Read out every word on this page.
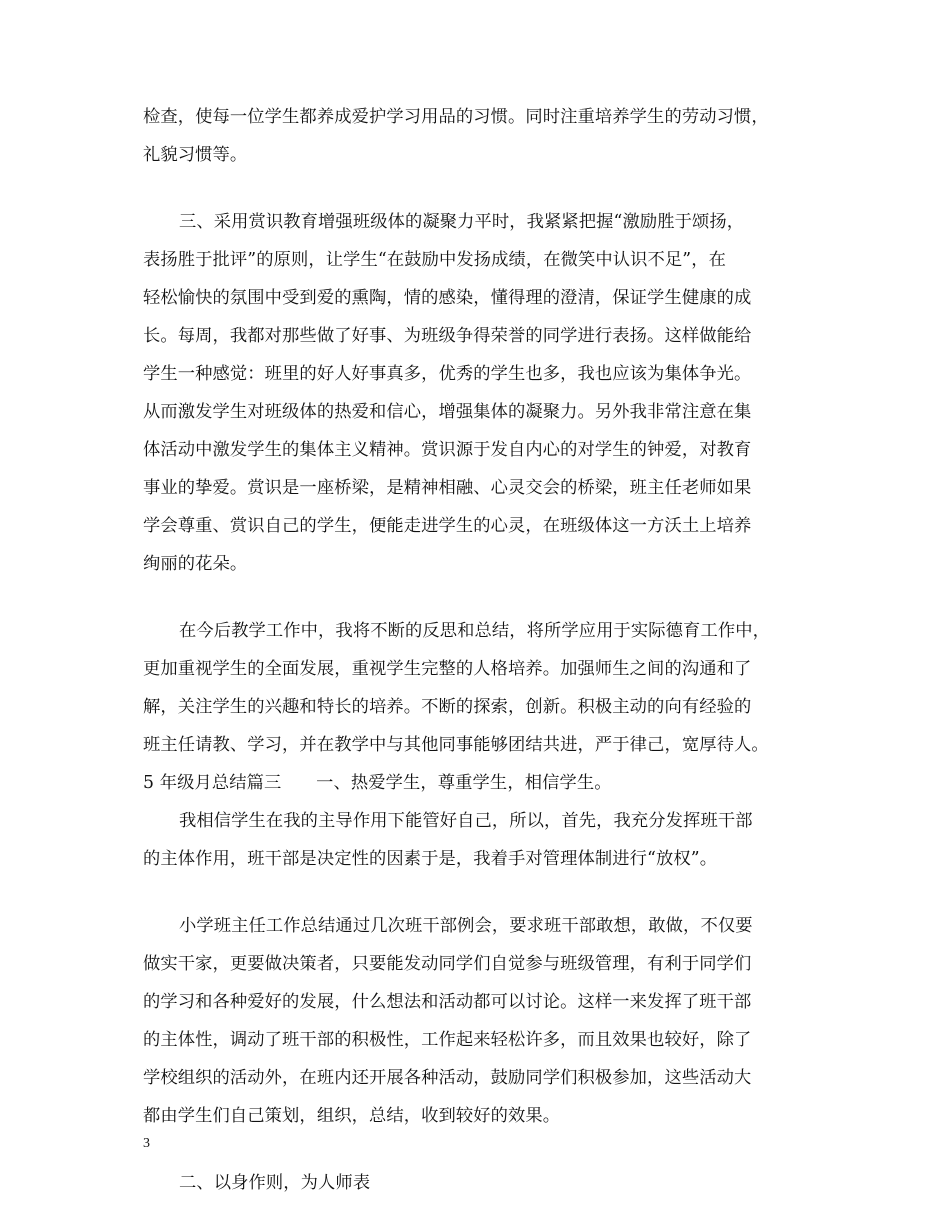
检查，使每一位学生都养成爱护学习用品的习惯。同时注重培养学生的劳动习惯，
礼貌习惯等。
三、采用赏识教育增强班级体的凝聚力平时，我紧紧把握“激励胜于颂扬，
表扬胜于批评”的原则，让学生“在鼓励中发扬成绩，在微笑中认识不足”，在
轻松愉快的氛围中受到爱的熏陶，情的感染，懂得理的澄清，保证学生健康的成
长。每周，我都对那些做了好事、为班级争得荣誉的同学进行表扬。这样做能给
学生一种感觉：班里的好人好事真多，优秀的学生也多，我也应该为集体争光。
从而激发学生对班级体的热爱和信心，增强集体的凝聚力。另外我非常注意在集
体活动中激发学生的集体主义精神。赏识源于发自内心的对学生的钟爱，对教育
事业的挚爱。赏识是一座桥梁，是精神相融、心灵交会的桥梁，班主任老师如果
学会尊重、赏识自己的学生，便能走进学生的心灵，在班级体这一方沃土上培养
绚丽的花朵。
在今后教学工作中，我将不断的反思和总结，将所学应用于实际德育工作中，
更加重视学生的全面发展，重视学生完整的人格培养。加强师生之间的沟通和了
解，关注学生的兴趣和特长的培养。不断的探索，创新。积极主动的向有经验的
班主任请教、学习，并在教学中与其他同事能够团结共进，严于律己，宽厚待人。
5 年级月总结篇三　　一、热爱学生，尊重学生，相信学生。
我相信学生在我的主导作用下能管好自己，所以，首先，我充分发挥班干部
的主体作用，班干部是决定性的因素于是，我着手对管理体制进行“放权”。
小学班主任工作总结通过几次班干部例会，要求班干部敢想，敢做，不仅要
做实干家，更要做决策者，只要能发动同学们自觉参与班级管理，有利于同学们
的学习和各种爱好的发展，什么想法和活动都可以讨论。这样一来发挥了班干部
的主体性，调动了班干部的积极性，工作起来轻松许多，而且效果也较好，除了
学校组织的活动外，在班内还开展各种活动，鼓励同学们积极参加，这些活动大
都由学生们自己策划，组织，总结，收到较好的效果。
二、以身作则，为人师表
3
